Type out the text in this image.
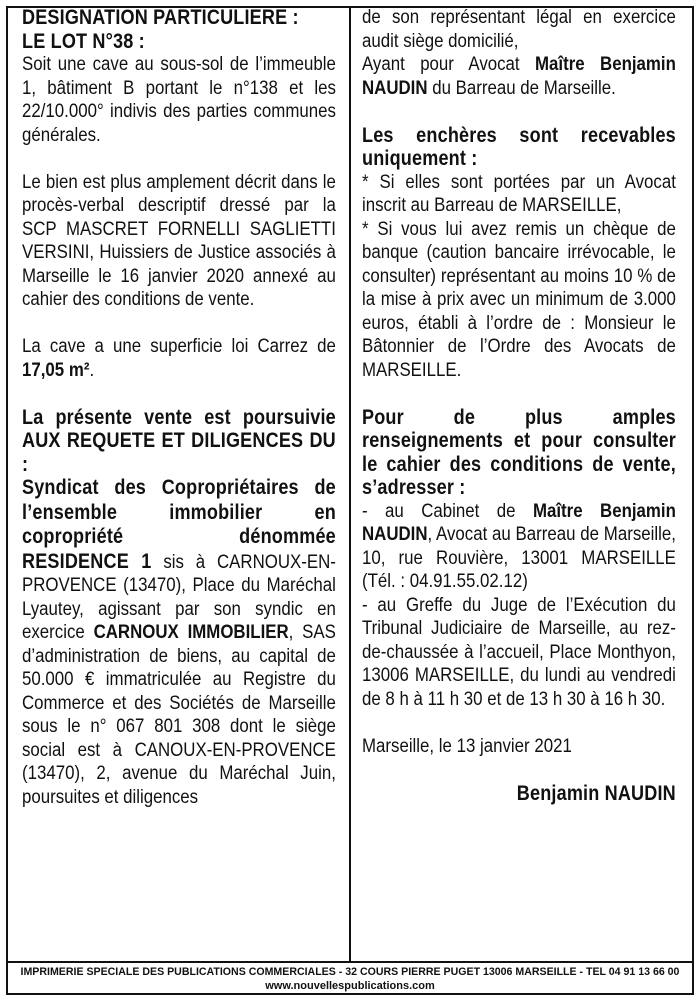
DÉSIGNATION PARTICULIERE :

LE LOT N°38 :

Soit une cave au sous-sol de l’immeuble 1, bâtiment B portant le n°138 et les 22/10.000° indivis des parties communes générales.

Le bien est plus amplement décrit dans le procès-verbal descriptif dressé par la SCP MASCRET FORNELLI SAGLIETTI VERSINI, Huissiers de Justice associés à Marseille le 16 janvier 2020 annexé au cahier des conditions de vente.

La cave a une superficie loi Carrez de 17,05 m².

La présente vente est poursuivie AUX REQUETE ET DILIGENCES DU :

Syndicat des Copropriétaires de l’ensemble immobilier en copropriété dénommée RESIDENCE 1 sis à CARNOUX-EN-PROVENCE (13470), Place du Maréchal Lyautey, agissant par son syndic en exercice CARNOUX IMMOBILIER, SAS d’administration de biens, au capital de 50.000 € immatriculée au Registre du Commerce et des Sociétés de Marseille sous le n° 067 801 308 dont le siège social est à CANOUX-EN-PROVENCE (13470), 2, avenue du Maréchal Juin, poursuites et diligences

de son représentant légal en exercice audit siège domicilié,

Ayant pour Avocat Maître Benjamin NAUDIN du Barreau de Marseille.

Les enchères sont recevables uniquement :

* Si elles sont portées par un Avocat inscrit au Barreau de MARSEILLE,

* Si vous lui avez remis un chèque de banque (caution bancaire irrévocable, le consulter) représentant au moins 10 % de la mise à prix avec un minimum de 3.000 euros, établi à l’ordre de : Monsieur le Bâtonnier de l’Ordre des Avocats de MARSEILLE.

Pour de plus amples renseignements et pour consulter le cahier des conditions de vente, s’adresser :

- au Cabinet de Maître Benjamin NAUDIN, Avocat au Barreau de Marseille, 10, rue Rouvière, 13001 MARSEILLE (Tél. : 04.91.55.02.12)

- au Greffe du Juge de l’Exécution du Tribunal Judiciaire de Marseille, au rez-de-chaussée à l’accueil, Place Monthyon, 13006 MARSEILLE, du lundi au vendredi de 8 h à 11 h 30 et de 13 h 30 à 16 h 30.

Marseille, le 13 janvier 2021

Benjamin NAUDIN

IMPRIMERIE SPECIALE DES PUBLICATIONS COMMERCIALES - 32 COURS PIERRE PUGET 13006 MARSEILLE - TEL 04 91 13 66 00
www.nouvellespublications.com
